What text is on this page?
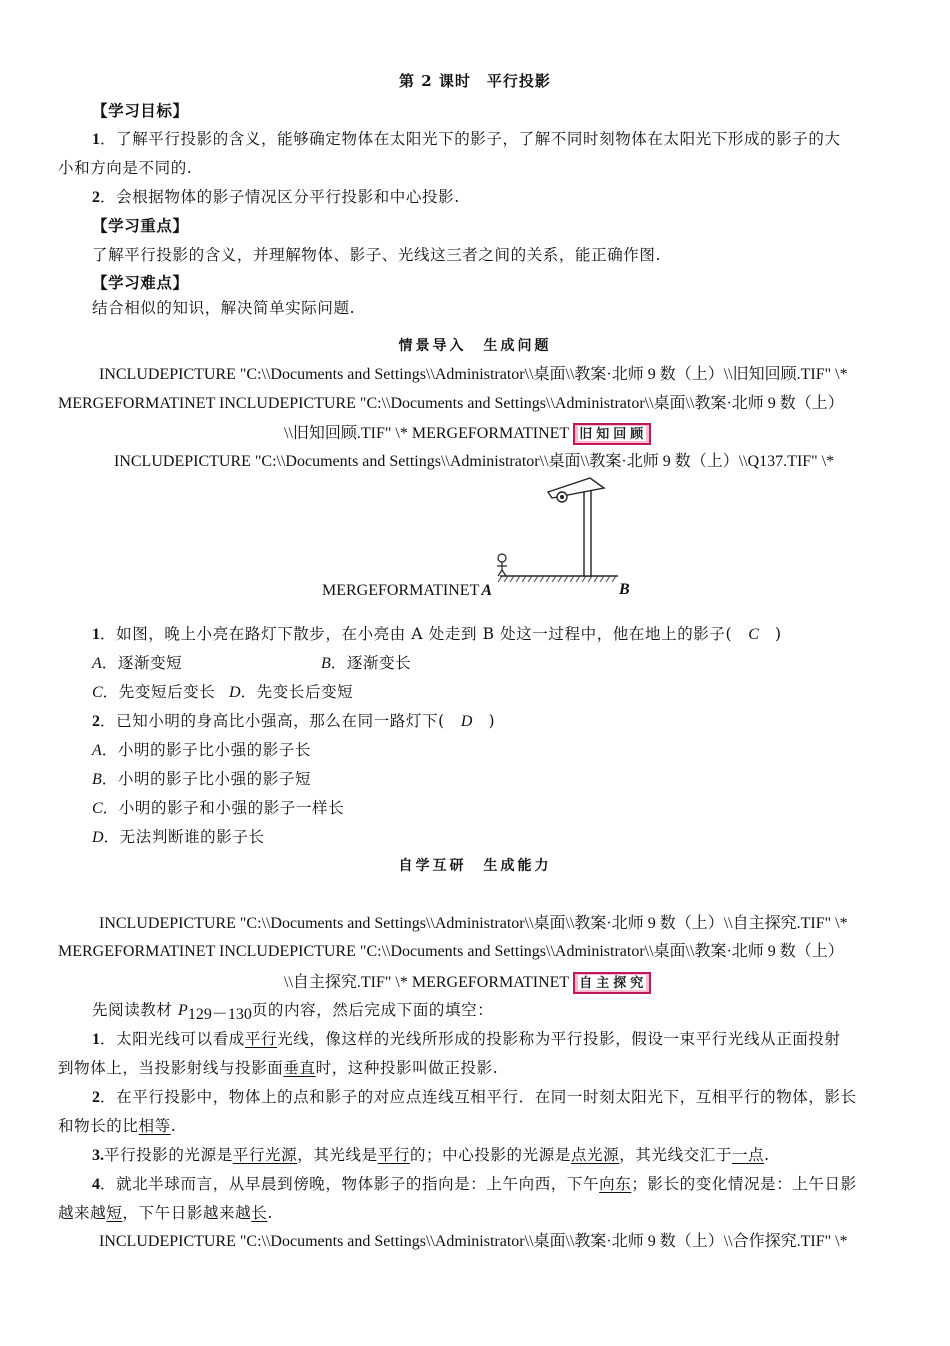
第 2 课时　平行投影
【学习目标】
1．了解平行投影的含义，能够确定物体在太阳光下的影子，了解不同时刻物体在太阳光下形成的影子的大
小和方向是不同的.
2．会根据物体的影子情况区分平行投影和中心投影.
【学习重点】
了解平行投影的含义，并理解物体、影子、光线这三者之间的关系，能正确作图.
【学习难点】
结合相似的知识，解决简单实际问题.
情景导入　生成问题
INCLUDEPICTURE "C:\\Documents and Settings\\Administrator\\桌面\\教案·北师 9 数（上）\\旧知回顾.TIF" \*
MERGEFORMATINET INCLUDEPICTURE "C:\\Documents and Settings\\Administrator\\桌面\\教案·北师 9 数（上）
\\旧知回顾.TIF" \* MERGEFORMATINET 旧 知 回 顾
INCLUDEPICTURE "C:\\Documents and Settings\\Administrator\\桌面\\教案·北师 9 数（上）\\Q137.TIF" \*
MERGEFORMATINET A	B
1．如图，晚上小亮在路灯下散步，在小亮由 A 处走到 B 处这一过程中，他在地上的影子(　C　)
A．逐渐变短	B．逐渐变长
C．先变短后变长 D．先变长后变短
2．已知小明的身高比小强高，那么在同一路灯下(　D　)
A．小明的影子比小强的影子长
B．小明的影子比小强的影子短
C．小明的影子和小强的影子一样长
D．无法判断谁的影子长
自学互研　生成能力
INCLUDEPICTURE "C:\\Documents and Settings\\Administrator\\桌面\\教案·北师 9 数（上）\\自主探究.TIF" \*
MERGEFORMATINET INCLUDEPICTURE "C:\\Documents and Settings\\Administrator\\桌面\\教案·北师 9 数（上）
\\自主探究.TIF" \* MERGEFORMATINET 自 主 探 究
先阅读教材 $P_{129-130}$页的内容，然后完成下面的填空：
1．太阳光线可以看成平行光线，像这样的光线所形成的投影称为平行投影，假设一束平行光线从正面投射
到物体上，当投影射线与投影面垂直时，这种投影叫做正投影.
2．在平行投影中，物体上的点和影子的对应点连线互相平行．在同一时刻太阳光下，互相平行的物体，影长
和物长的比相等.
3.平行投影的光源是平行光源，其光线是平行的；中心投影的光源是点光源，其光线交汇于一点.
4．就北半球而言，从早晨到傍晚，物体影子的指向是：上午向西，下午向东；影长的变化情况是：上午日影
越来越短，下午日影越来越长.
INCLUDEPICTURE "C:\\Documents and Settings\\Administrator\\桌面\\教案·北师 9 数（上）\\合作探究.TIF" \*
